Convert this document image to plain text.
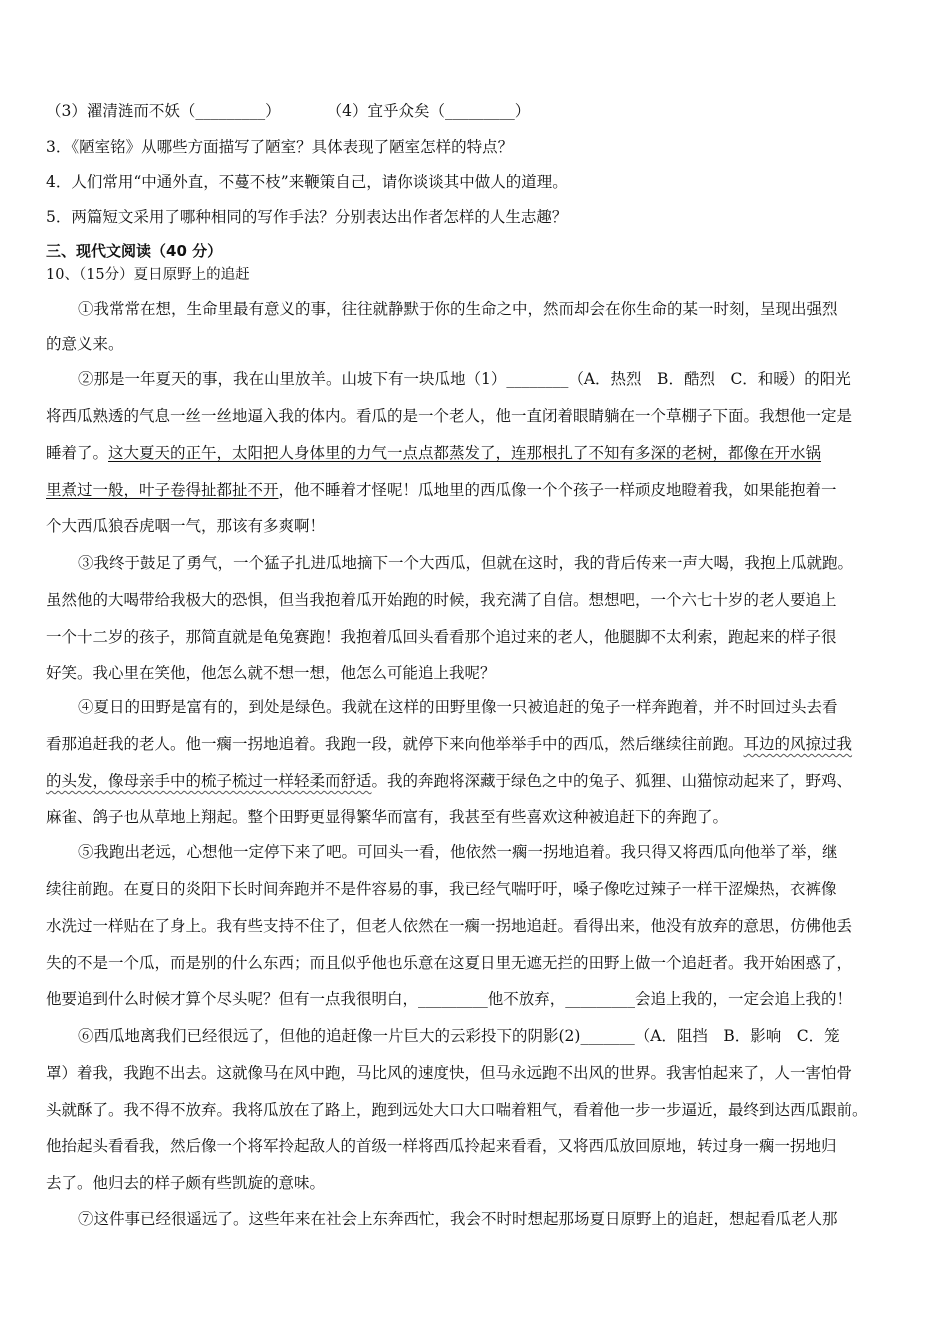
（3）濯清涟而不妖（_________）	（4）宜乎众矣（_________）
3．《陋室铭》从哪些方面描写了陋室？具体表现了陋室怎样的特点？
4．人们常用“中通外直，不蔓不枝”来鞭策自己，请你谈谈其中做人的道理。
5．两篇短文采用了哪种相同的写作手法？分别表达出作者怎样的人生志趣？
三、现代文阅读（40 分）
10、（15分）夏日原野上的追赶
①我常常在想，生命里最有意义的事，往往就静默于你的生命之中，然而却会在你生命的某一时刻，呈现出强烈
的意义来。
②那是一年夏天的事，我在山里放羊。山坡下有一块瓜地（1）________（A．热烈　B．酷烈　C．和暖）的阳光
将西瓜熟透的气息一丝一丝地逼入我的体内。看瓜的是一个老人，他一直闭着眼睛躺在一个草棚子下面。我想他一定是
睡着了。这大夏天的正午，太阳把人身体里的力气一点点都蒸发了，连那根扎了不知有多深的老树，都像在开水锅
里煮过一般，叶子卷得扯都扯不开，他不睡着才怪呢！瓜地里的西瓜像一个个孩子一样顽皮地瞪着我，如果能抱着一
个大西瓜狼吞虎咽一气，那该有多爽啊！
③我终于鼓足了勇气，一个猛子扎进瓜地摘下一个大西瓜，但就在这时，我的背后传来一声大喝，我抱上瓜就跑。
虽然他的大喝带给我极大的恐惧，但当我抱着瓜开始跑的时候，我充满了自信。想想吧，一个六七十岁的老人要追上
一个十二岁的孩子，那简直就是龟兔赛跑！我抱着瓜回头看看那个追过来的老人，他腿脚不太利索，跑起来的样子很
好笑。我心里在笑他，他怎么就不想一想，他怎么可能追上我呢？
④夏日的田野是富有的，到处是绿色。我就在这样的田野里像一只被追赶的兔子一样奔跑着，并不时回过头去看
看那追赶我的老人。他一瘸一拐地追着。我跑一段，就停下来向他举举手中的西瓜，然后继续往前跑。耳边的风掠过我
的头发，像母亲手中的梳子梳过一样轻柔而舒适。我的奔跑将深藏于绿色之中的兔子、狐狸、山猫惊动起来了，野鸡、
麻雀、鸽子也从草地上翔起。整个田野更显得繁华而富有，我甚至有些喜欢这种被追赶下的奔跑了。
⑤我跑出老远，心想他一定停下来了吧。可回头一看，他依然一瘸一拐地追着。我只得又将西瓜向他举了举，继
续往前跑。在夏日的炎阳下长时间奔跑并不是件容易的事，我已经气喘吁吁，嗓子像吃过辣子一样干涩燥热，衣裤像
水洗过一样贴在了身上。我有些支持不住了，但老人依然在一瘸一拐地追赶。看得出来，他没有放弃的意思，仿佛他丢
失的不是一个瓜，而是别的什么东西；而且似乎他也乐意在这夏日里无遮无拦的田野上做一个追赶者。我开始困惑了，
他要追到什么时候才算个尽头呢？但有一点我很明白，_________他不放弃，_________会追上我的，一定会追上我的！
⑥西瓜地离我们已经很远了，但他的追赶像一片巨大的云彩投下的阴影(2)_______（A．阻挡　B．影响　C．笼
罩）着我，我跑不出去。这就像马在风中跑，马比风的速度快，但马永远跑不出风的世界。我害怕起来了，人一害怕骨
头就酥了。我不得不放弃。我将瓜放在了路上，跑到远处大口大口喘着粗气，看着他一步一步逼近，最终到达西瓜跟前。
他抬起头看看我，然后像一个将军拎起敌人的首级一样将西瓜拎起来看看，又将西瓜放回原地，转过身一瘸一拐地归
去了。他归去的样子颇有些凯旋的意味。
⑦这件事已经很遥远了。这些年来在社会上东奔西忙，我会不时时想起那场夏日原野上的追赶，想起看瓜老人那
